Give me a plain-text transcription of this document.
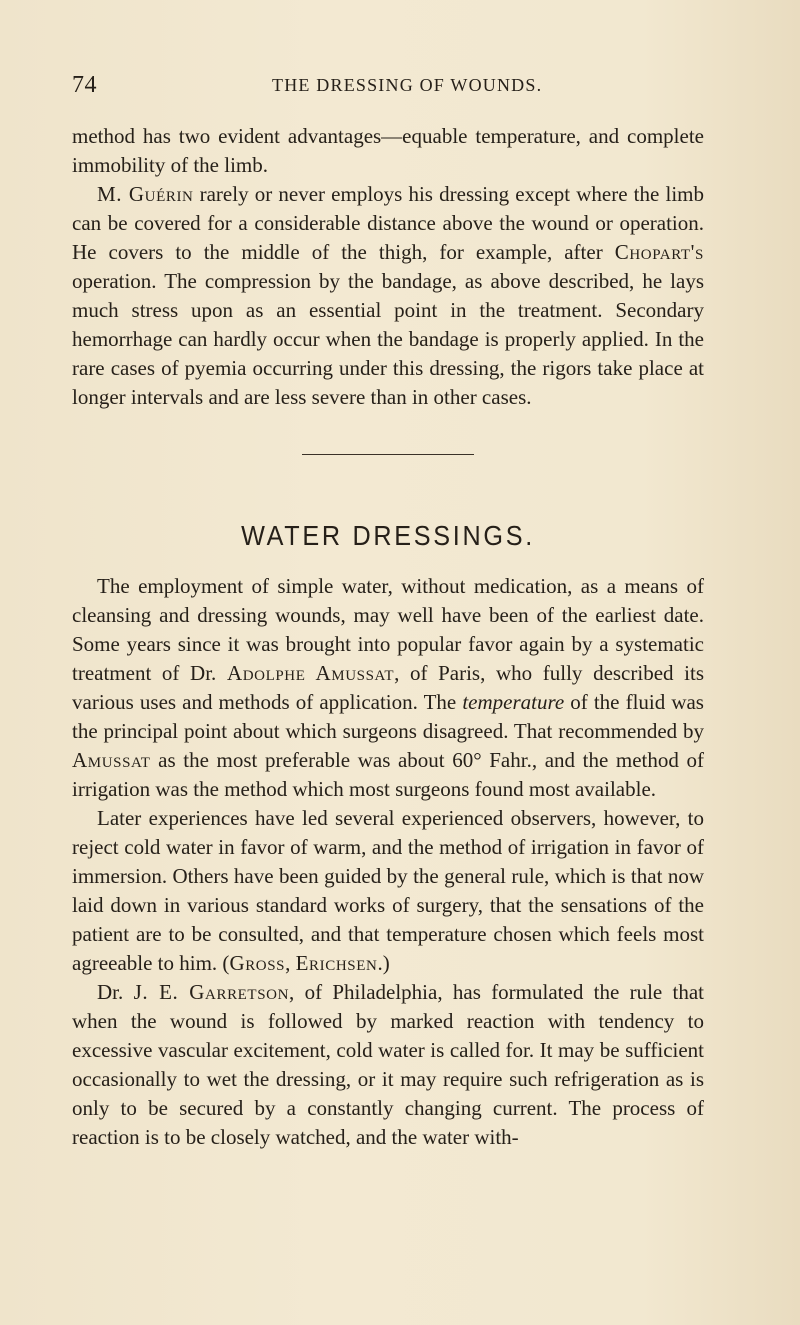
74	THE DRESSING OF WOUNDS.

method has two evident advantages—equable temperature, and complete immobility of the limb.

M. Guérin rarely or never employs his dressing except where the limb can be covered for a considerable distance above the wound or operation. He covers to the middle of the thigh, for example, after Chopart's operation. The compression by the bandage, as above described, he lays much stress upon as an essential point in the treatment. Secondary hemorrhage can hardly occur when the bandage is properly applied. In the rare cases of pyemia occurring under this dressing, the rigors take place at longer intervals and are less severe than in other cases.

WATER DRESSINGS.

The employment of simple water, without medication, as a means of cleansing and dressing wounds, may well have been of the earliest date. Some years since it was brought into popular favor again by a systematic treatment of Dr. Adolphe Amussat, of Paris, who fully described its various uses and methods of application. The temperature of the fluid was the principal point about which surgeons disagreed. That recommended by Amussat as the most preferable was about 60° Fahr., and the method of irrigation was the method which most surgeons found most available.

Later experiences have led several experienced observers, however, to reject cold water in favor of warm, and the method of irrigation in favor of immersion. Others have been guided by the general rule, which is that now laid down in various standard works of surgery, that the sensations of the patient are to be consulted, and that temperature chosen which feels most agreeable to him. (Gross, Erichsen.)

Dr. J. E. Garretson, of Philadelphia, has formulated the rule that when the wound is followed by marked reaction with tendency to excessive vascular excitement, cold water is called for. It may be sufficient occasionally to wet the dressing, or it may require such refrigeration as is only to be secured by a constantly changing current. The process of reaction is to be closely watched, and the water with-
